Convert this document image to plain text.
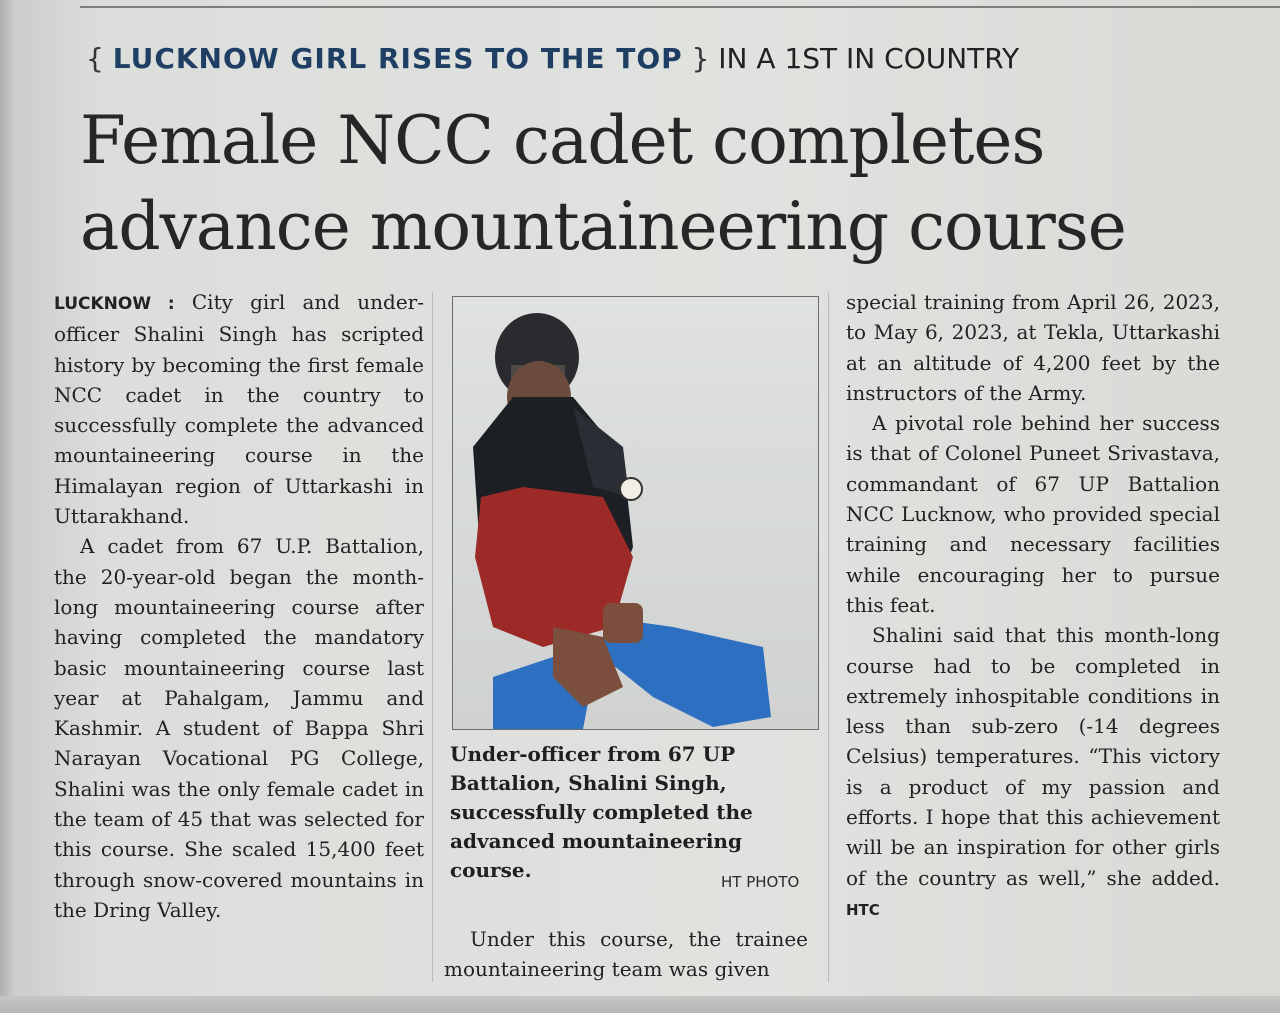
{ LUCKNOW GIRL RISES TO THE TOP } IN A 1ST IN COUNTRY
Female NCC cadet completes
advance mountaineering course

LUCKNOW : City girl and under-officer Shalini Singh has scripted history by becoming the first female NCC cadet in the country to successfully complete the advanced mountaineering course in the Himalayan region of Uttarkashi in Uttarakhand.

A cadet from 67 U.P. Battalion, the 20-year-old began the month-long mountaineering course after having completed the mandatory basic mountaineering course last year at Pahalgam, Jammu and Kashmir. A student of Bappa Shri Narayan Vocational PG College, Shalini was the only female cadet in the team of 45 that was selected for this course. She scaled 15,400 feet through snow-covered mountains in the Dring Valley.

Under-officer from 67 UP Battalion, Shalini Singh, successfully completed the advanced mountaineering course.	HT PHOTO

Under this course, the trainee mountaineering team was given

special training from April 26, 2023, to May 6, 2023, at Tekla, Uttarkashi at an altitude of 4,200 feet by the instructors of the Army.

A pivotal role behind her success is that of Colonel Puneet Srivastava, commandant of 67 UP Battalion NCC Lucknow, who provided special training and necessary facilities while encouraging her to pursue this feat.

Shalini said that this month-long course had to be completed in extremely inhospitable conditions in less than sub-zero (-14 degrees Celsius) temperatures. “This victory is a product of my passion and efforts. I hope that this achievement will be an inspiration for other girls of the country as well,” she added. HTC
